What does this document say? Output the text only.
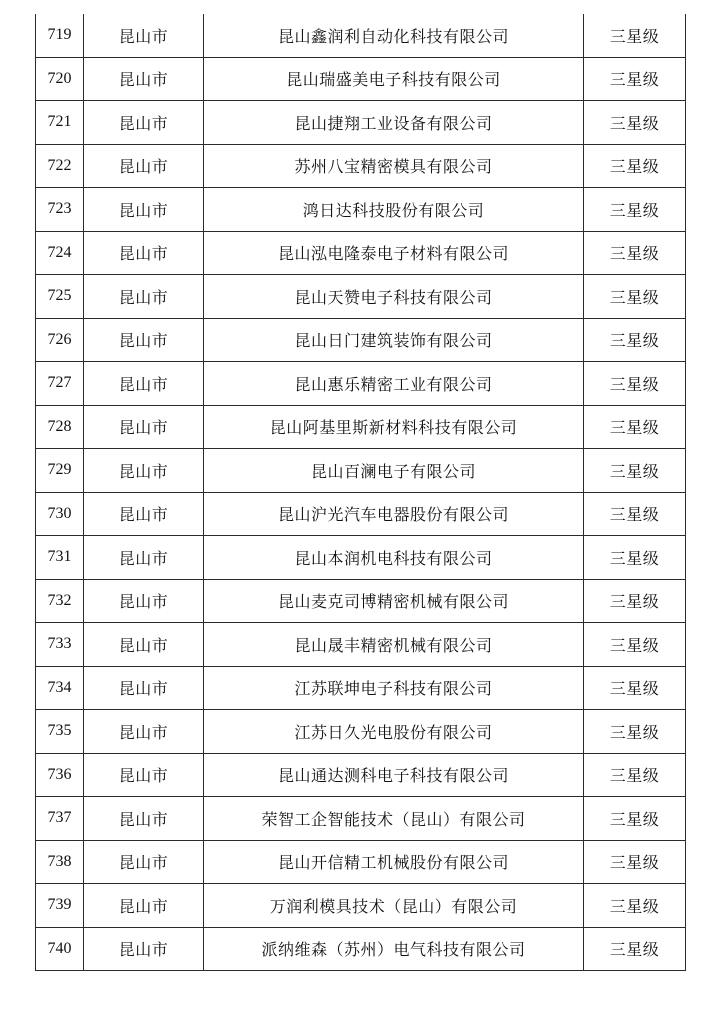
719	昆山市	昆山鑫润利自动化科技有限公司	三星级
720	昆山市	昆山瑞盛美电子科技有限公司	三星级
721	昆山市	昆山捷翔工业设备有限公司	三星级
722	昆山市	苏州八宝精密模具有限公司	三星级
723	昆山市	鸿日达科技股份有限公司	三星级
724	昆山市	昆山泓电隆泰电子材料有限公司	三星级
725	昆山市	昆山天赞电子科技有限公司	三星级
726	昆山市	昆山日门建筑装饰有限公司	三星级
727	昆山市	昆山惠乐精密工业有限公司	三星级
728	昆山市	昆山阿基里斯新材料科技有限公司	三星级
729	昆山市	昆山百澜电子有限公司	三星级
730	昆山市	昆山沪光汽车电器股份有限公司	三星级
731	昆山市	昆山本润机电科技有限公司	三星级
732	昆山市	昆山麦克司博精密机械有限公司	三星级
733	昆山市	昆山晟丰精密机械有限公司	三星级
734	昆山市	江苏联坤电子科技有限公司	三星级
735	昆山市	江苏日久光电股份有限公司	三星级
736	昆山市	昆山通达测科电子科技有限公司	三星级
737	昆山市	荣智工企智能技术（昆山）有限公司	三星级
738	昆山市	昆山开信精工机械股份有限公司	三星级
739	昆山市	万润利模具技术（昆山）有限公司	三星级
740	昆山市	派纳维森（苏州）电气科技有限公司	三星级
